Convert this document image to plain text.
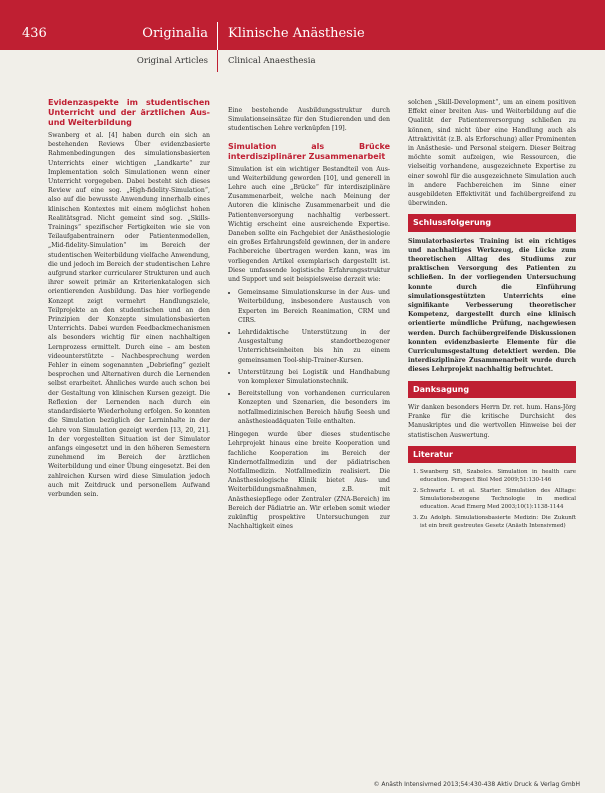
436	Originalia Klinische Anästhesie
Original Articles Clinical Anaesthesia
Evidenzaspekte im studentischen Unterricht und der ärztlichen Aus- und Weiterbildung

Swanberg et al. [4] haben durch ein sich an bestehenden Reviews Über evidenzbasierte Rahmenbedingungen des simulationsbasierten Unterrichts einer wichtigen „Landkarte“ zur Implementation solch Simulationen wenn einer Unterricht vorgegeben. Dabei besteht sich dieses Review auf eine sog. „High-fidelity-Simulation“, also auf die bewusste Anwendung innerhalb eines klinischen Kontextes mit einem möglichst hohen Realitätsgrad. Nicht gemeint sind sog. „Skills-Trainings“ spezifischer Fertigkeiten wie sie von Teilaufgabentrainern oder Patientenmodellen, „Mid-fidelity-Simulation“ im Bereich der studentischen Weiterbildung vielfache Anwendung, die und jedoch im Bereich der studentischen Lehre aufgrund starker curricularer Strukturen und auch ihrer soweit primär an Kriterienkatalogen sich orientierenden Ausbildung. Das hier vorliegende Konzept zeigt vermehrt Handlungsziele, Teilprojekte an den studentischen und an den Prinzipien der Konzepte simulationsbasierten Unterrichts. Dabei wurden Feedbackmechanismen als besonders wichtig für einen nachhaltigen Lernprozess ermittelt. Durch eine – am besten videounterstützte – Nachbesprechung werden Fehler in einem sogenannten „Debriefing“ gezielt besprochen und Alternativen durch die Lernenden selbst erarbeitet. Ähnliches wurde auch schon bei der Gestaltung von klinischen Kursen gezeigt. Die Reflexion der Lernenden nach durch ein standardisierte Wiederholung erfolgen. So konnten die Simulation bezüglich der Lerninhalte in der Lehre von Simulation gezeigt werden [13, 20, 21]. In der vorgestellten Situation ist der Simulator anfangs eingesetzt und in den höheren Semestern zunehmend im Bereich der ärztlichen Weiterbildung und einer Übung eingesetzt. Bei den zahlreichen Kursen wird diese Simulation jedoch auch mit Zeitdruck und personellem Aufwand verbunden sein.

Eine bestehende Ausbildungsstruktur durch Simulationseinsätze für den Studierenden und den studentischen Lehre verknüpfen [19].

Simulation als Brücke interdisziplinärer Zusammenarbeit

Simulation ist ein wichtiger Bestandteil von Aus- und Weiterbildung geworden [10], und generell in Lehre auch eine „Brücke“ für interdisziplinäre Zusammenarbeit, welche nach Meinung der Autoren die klinische Zusammenarbeit und die Patientenversorgung nachhaltig verbessert. Wichtig erscheint eine ausreichende Expertise. Daneben sollte ein Fachgebiet der Anästhesiologie ein großes Erfahrungsfeld gewinnen, der in andere Fachbereiche übertragen werden kann, was im vorliegenden Artikel exemplarisch dargestellt ist. Diese umfassende logistische Erfahrungsstruktur und Support und seit beispielsweise derzeit wie:

• Gemeinsame Simulationskurse in der Aus- und Weiterbildung, insbesondere Austausch von Experten im Bereich Reanimation, CRM und CIRS.
• Lehrdidaktische Unterstützung in der Ausgestaltung standortbezogener Unterrichtseinheiten bis hin zu einem gemeinsamen Tool-ship-Trainer-Kursen.
• Unterstützung bei Logistik und Handhabung von komplexer Simulationstechnik.
• Bereitstellung von vorhandenen curricularen Konzepten und Szenarien, die besonders im notfallmedizinischen Bereich häufig Seesh und anästhesieadäquaten Teile enthalten.

Hingegen wurde über dieses studentische Lehrprojekt hinaus eine breite Kooperation und fachliche Kooperation im Bereich der Kindernotfallmedizin und der pädiatrischen Notfallmedizin. Notfallmedizin realisiert. Die Anästhesiologische Klinik bietet Aus- und Weiterbildungsmaßnahmen, z.B. mit Anästhesiepflege oder Zentraler (ZNA-Bereich) im Bereich der Pädiatrie an. Wir erleben somit wieder zukünftig prospektive Untersuchungen zur Nachhaltigkeit eines

solchen „Skill-Development“, um an einem positiven Effekt einer breiten Aus- und Weiterbildung auf die Qualität der Patientenversorgung schließen zu können, sind nicht über eine Handlung auch als Attraktivität (z.B. als Erforschung) aller Prominenten in Anästhesie- und Personal steigern. Dieser Beitrag möchte somit aufzeigen, wie Ressourcen, die vielseitig vorhandene, ausgezeichnete Expertise zu einer sowohl für die ausgezeichnete Simulation auch in andere Fachbereichen im Sinne einer ausgebildeten Effektivität und fachübergreifend zu überwinden.

Schlussfolgerung

Simulatorbasiertes Training ist ein richtiges und nachhaltiges Werkzeug, die Lücke zum theoretischen Alltag des Studiums zur praktischen Versorgung des Patienten zu schließen. In der vorliegenden Untersuchung konnte durch die Einführung simulationsgestützten Unterrichts eine signifikante Verbesserung theoretischer Kompetenz, dargestellt durch eine klinisch orientierte mündliche Prüfung, nachgewiesen werden. Durch fachübergreifende Diskussionen konnten evidenzbasierte Elemente für die Curriculumsgestaltung detektiert werden. Die interdisziplinäre Zusammenarbeit wurde durch dieses Lehrprojekt nachhaltig befruchtet.

Danksagung

Wir danken besonders Herrn Dr. ret. hum. Hans-Jörg Franke für die kritische Durchsicht des Manuskriptes und die wertvollen Hinweise bei der statistischen Auswertung.

Literatur
1. Swanberg SB, Szabolcs. Simulation in health care education. Perspect Biol Med 2009;51:130-146
2. Schwartz L et al. Starter. Simulation des Alltags: Simulationsbezogene Technologie in medical education. Acad Emerg Med 2003;10(1):1138-1144
3. Zu Adolph. Simulationsbasierte Medizin: Die Zukunft ist ein breit gestreutes Gesetz (Anästh Intensivmed)
© Anästh Intensivmed 2013;54:430-438 Aktiv Druck & Verlag GmbH
